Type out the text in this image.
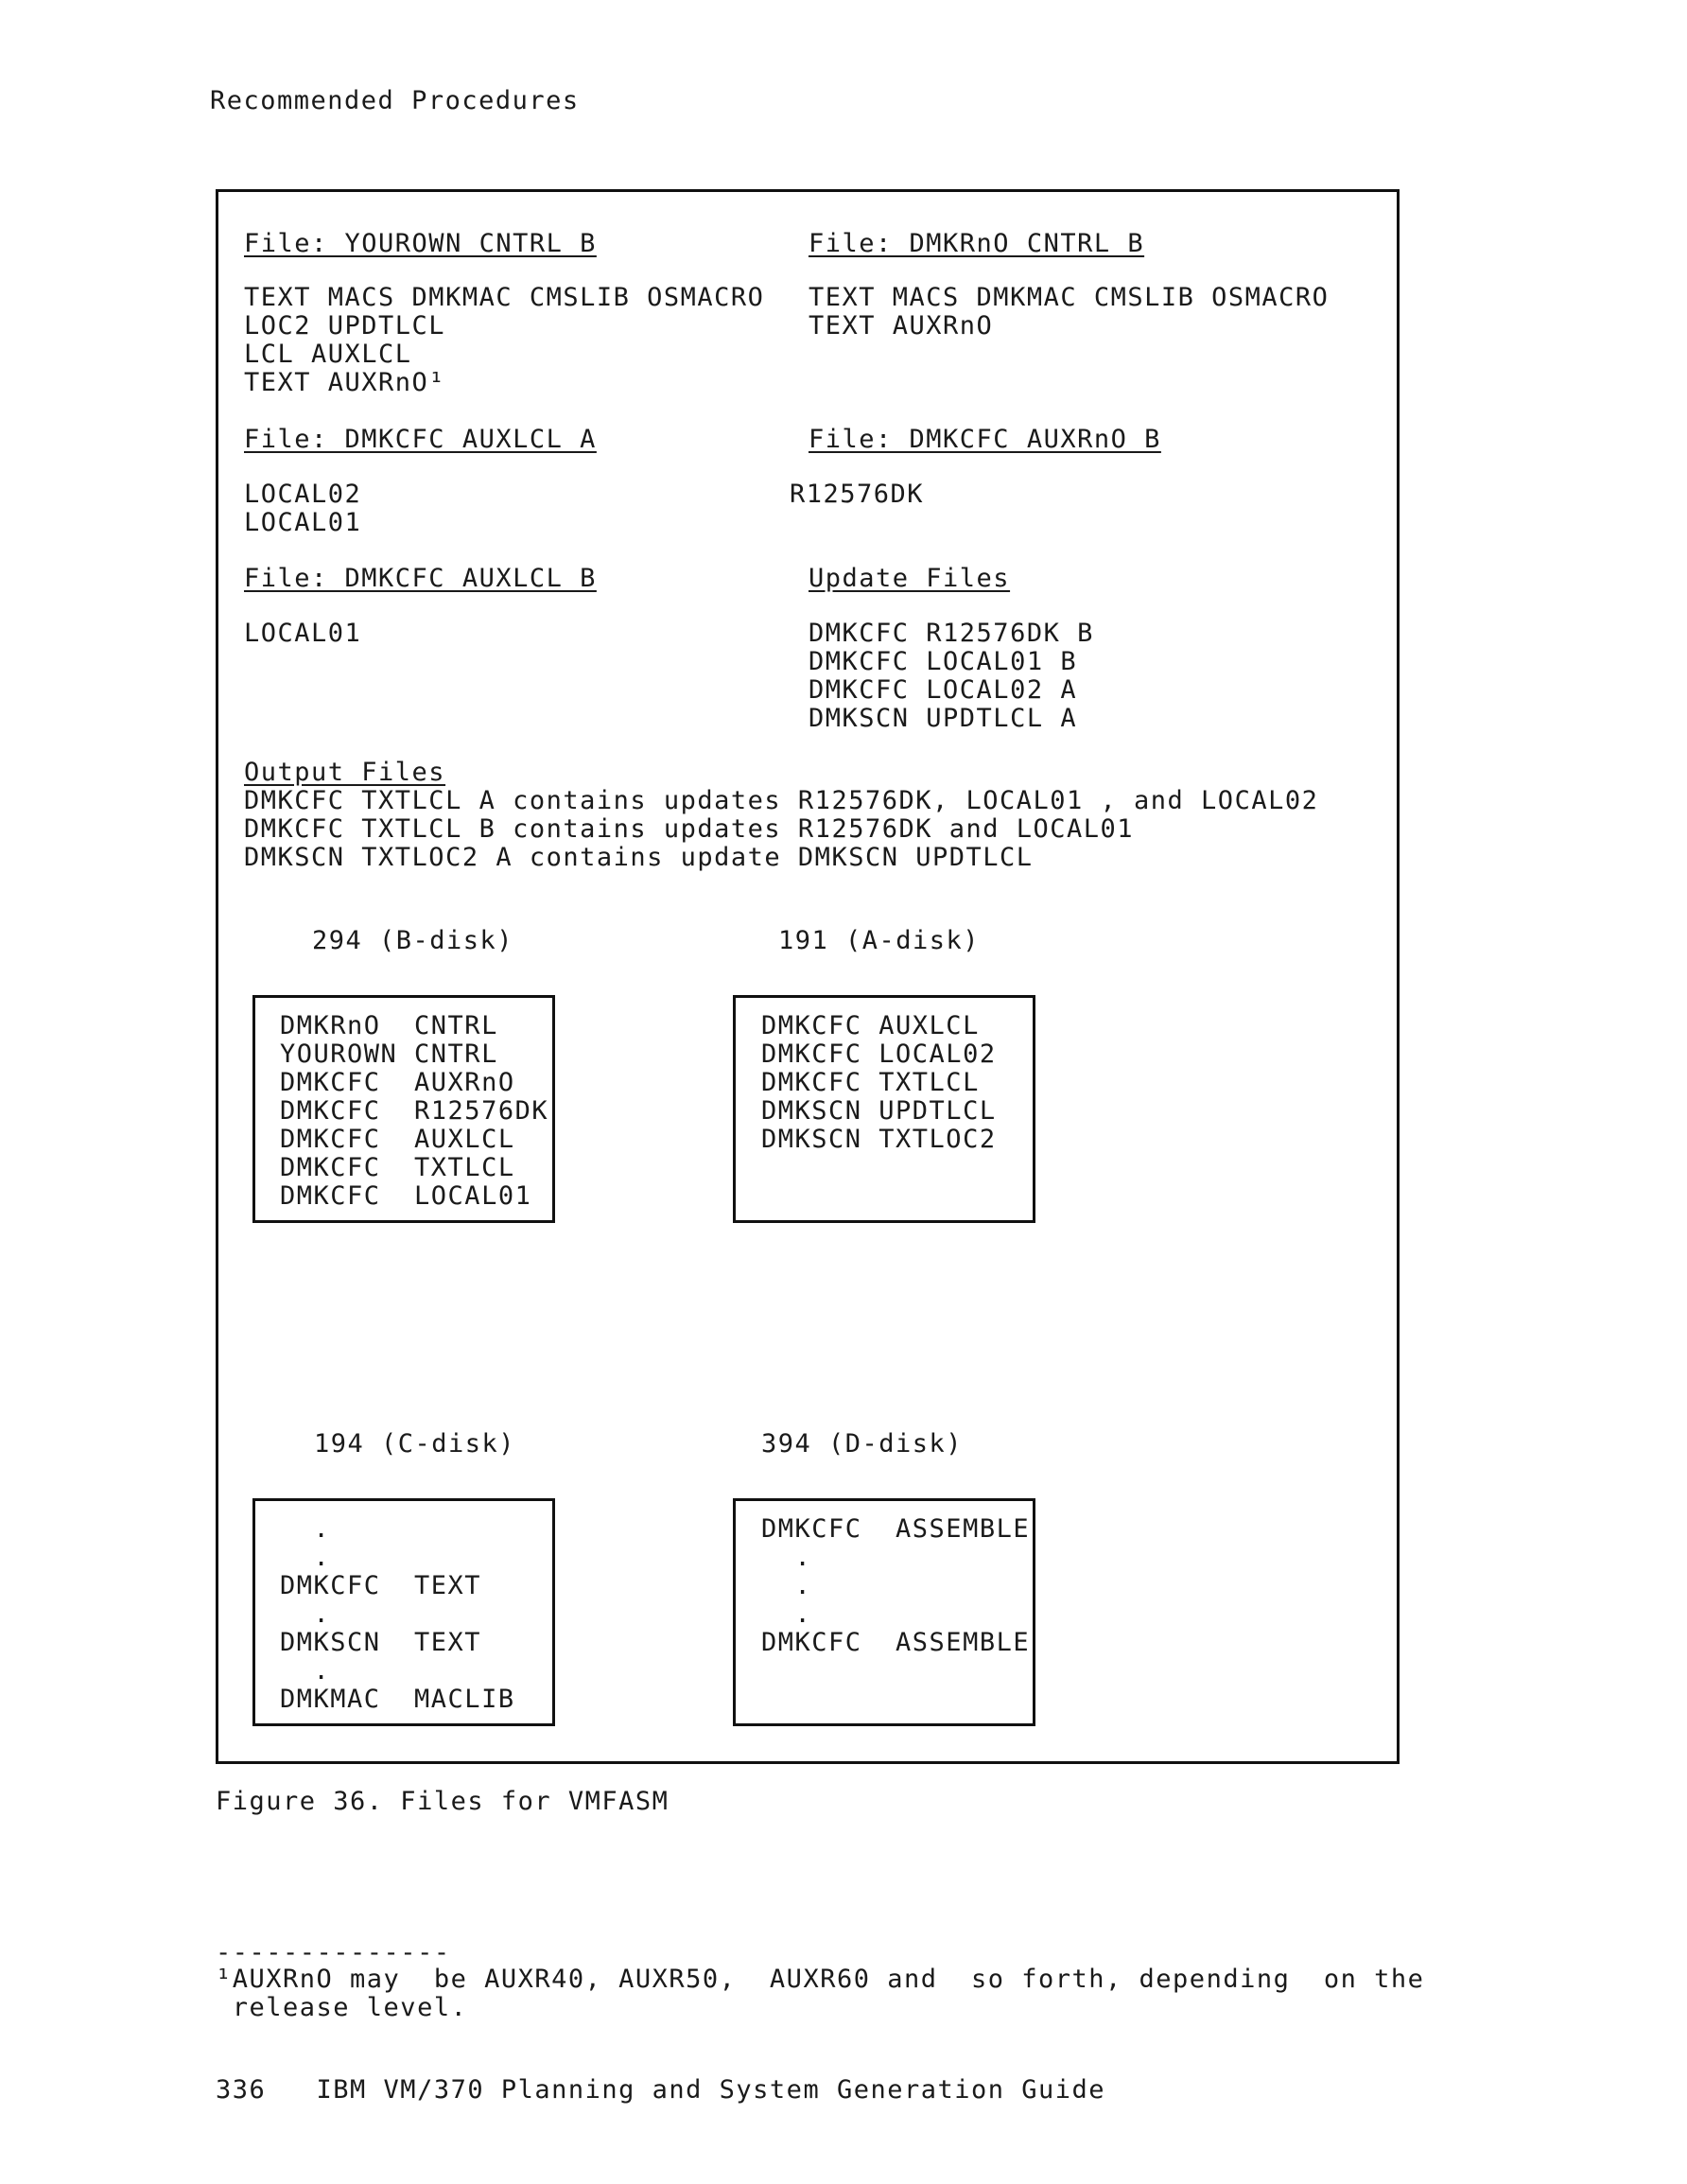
Recommended Procedures
File: YOUROWN CNTRL B
TEXT MACS DMKMAC CMSLIB OSMACRO
LOC2 UPDTLCL
LCL AUXLCL
TEXT AUXRnO¹
File: DMKRnO CNTRL B
TEXT MACS DMKMAC CMSLIB OSMACRO
TEXT AUXRnO
File: DMKCFC AUXLCL A
LOCAL02
LOCAL01
File: DMKCFC AUXRnO B
R12576DK
File: DMKCFC AUXLCL B
LOCAL01
Update Files
DMKCFC R12576DK B
DMKCFC LOCAL01 B
DMKCFC LOCAL02 A
DMKSCN UPDTLCL A
Output Files
DMKCFC TXTLCL A contains updates R12576DK, LOCAL01 , and LOCAL02
DMKCFC TXTLCL B contains updates R12576DK and LOCAL01
DMKSCN TXTLOC2 A contains update DMKSCN UPDTLCL
294 (B-disk)	191 (A-disk)
194 (C-disk)	394 (D-disk)
DMKRnO  CNTRL
YOUROWN CNTRL
DMKCFC  AUXRnO
DMKCFC  R12576DK
DMKCFC  AUXLCL
DMKCFC  TXTLCL
DMKCFC  LOCAL01
DMKCFC AUXLCL
DMKCFC LOCAL02
DMKCFC TXTLCL
DMKSCN UPDTLCL
DMKSCN TXTLOC2
.
.
DMKCFC  TEXT
.
DMKSCN  TEXT
.
DMKMAC  MACLIB
DMKCFC  ASSEMBLE
.
.
.
DMKCFC  ASSEMBLE
Figure 36. Files for VMFASM
--------------
¹AUXRnO may  be AUXR40, AUXR50,  AUXR60 and  so forth, depending  on the
release level.
336   IBM VM/370 Planning and System Generation Guide
